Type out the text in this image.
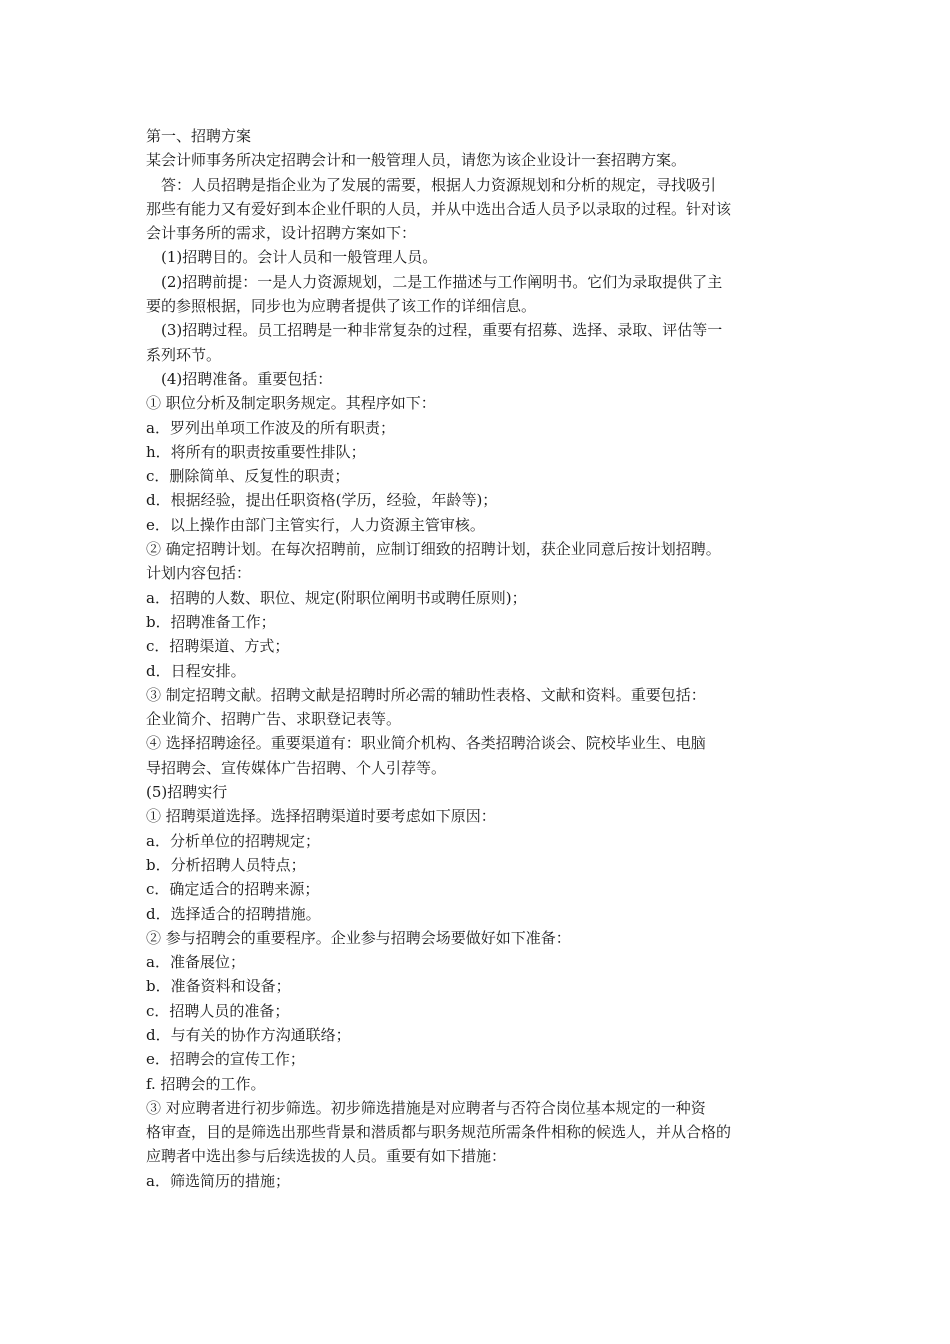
第一、招聘方案
某会计师事务所决定招聘会计和一般管理人员，请您为该企业设计一套招聘方案。
　答：人员招聘是指企业为了发展的需要，根据人力资源规划和分析的规定，寻找吸引
那些有能力又有爱好到本企业仟职的人员，并从中选出合适人员予以录取的过程。针对该
会计事务所的需求，设计招聘方案如下：
　(1)招聘目的。会计人员和一般管理人员。
　(2)招聘前提：一是人力资源规划，二是工作描述与工作阐明书。它们为录取提供了主
要的参照根据，同步也为应聘者提供了该工作的详细信息。
　(3)招聘过程。员工招聘是一种非常复杂的过程，重要有招募、选择、录取、评估等一
系列环节。
　(4)招聘准备。重要包括：
① 职位分析及制定职务规定。其程序如下：
a．罗列出单项工作波及的所有职责；
h．将所有的职责按重要性排队；
c．删除简单、反复性的职责；
d．根据经验，提出任职资格(学历，经验，年龄等)；
e．以上操作由部门主管实行，人力资源主管审核。
② 确定招聘计划。在每次招聘前，应制订细致的招聘计划，获企业同意后按计划招聘。
计划内容包括：
a．招聘的人数、职位、规定(附职位阐明书或聘任原则)；
b．招聘准备工作；
c．招聘渠道、方式；
d．日程安排。
③ 制定招聘文献。招聘文献是招聘时所必需的辅助性表格、文献和资料。重要包括：
企业简介、招聘广告、求职登记表等。
④ 选择招聘途径。重要渠道有：职业简介机构、各类招聘洽谈会、院校毕业生、电脑
导招聘会、宣传媒体广告招聘、个人引荐等。
(5)招聘实行
① 招聘渠道选择。选择招聘渠道时要考虑如下原因：
a．分析单位的招聘规定；
b．分析招聘人员特点；
c．确定适合的招聘来源；
d．选择适合的招聘措施。
② 参与招聘会的重要程序。企业参与招聘会场要做好如下准备：
a．准备展位；
b．准备资料和设备；
c．招聘人员的准备；
d．与有关的协作方沟通联络；
e．招聘会的宣传工作；
f. 招聘会的工作。
③ 对应聘者进行初步筛选。初步筛选措施是对应聘者与否符合岗位基本规定的一种资
格审查，目的是筛选出那些背景和潜质都与职务规范所需条件相称的候选人，并从合格的
应聘者中选出参与后续选拔的人员。重要有如下措施：
a．筛选简历的措施；
